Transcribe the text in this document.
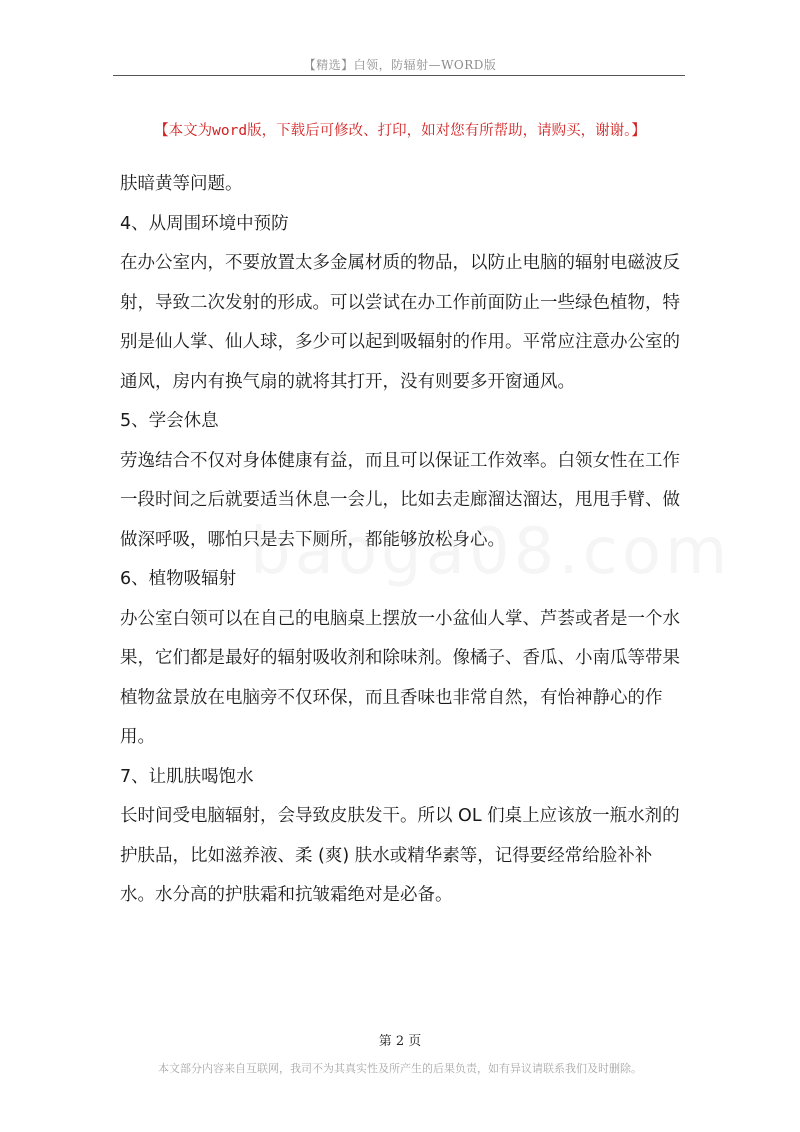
【精选】白领，防辐射—WORD版
【本文为word版，下载后可修改、打印，如对您有所帮助，请购买，谢谢。】

肤暗黄等问题。

4、从周围环境中预防

在办公室内，不要放置太多金属材质的物品，以防止电脑的辐射电磁波反射，导致二次发射的形成。可以尝试在办工作前面防止一些绿色植物，特别是仙人掌、仙人球，多少可以起到吸辐射的作用。平常应注意办公室的通风，房内有换气扇的就将其打开，没有则要多开窗通风。

5、学会休息

劳逸结合不仅对身体健康有益，而且可以保证工作效率。白领女性在工作一段时间之后就要适当休息一会儿，比如去走廊溜达溜达，甩甩手臂、做做深呼吸，哪怕只是去下厕所，都能够放松身心。

6、植物吸辐射

办公室白领可以在自己的电脑桌上摆放一小盆仙人掌、芦荟或者是一个水果，它们都是最好的辐射吸收剂和除味剂。像橘子、香瓜、小南瓜等带果植物盆景放在电脑旁不仅环保，而且香味也非常自然，有怡神静心的作用。

7、让肌肤喝饱水

长时间受电脑辐射，会导致皮肤发干。所以 OL 们桌上应该放一瓶水剂的护肤品，比如滋养液、柔 (爽) 肤水或精华素等，记得要经常给脸补补水。水分高的护肤霜和抗皱霜绝对是必备。

第 2 页
本文部分内容来自互联网，我司不为其真实性及所产生的后果负责，如有异议请联系我们及时删除。
